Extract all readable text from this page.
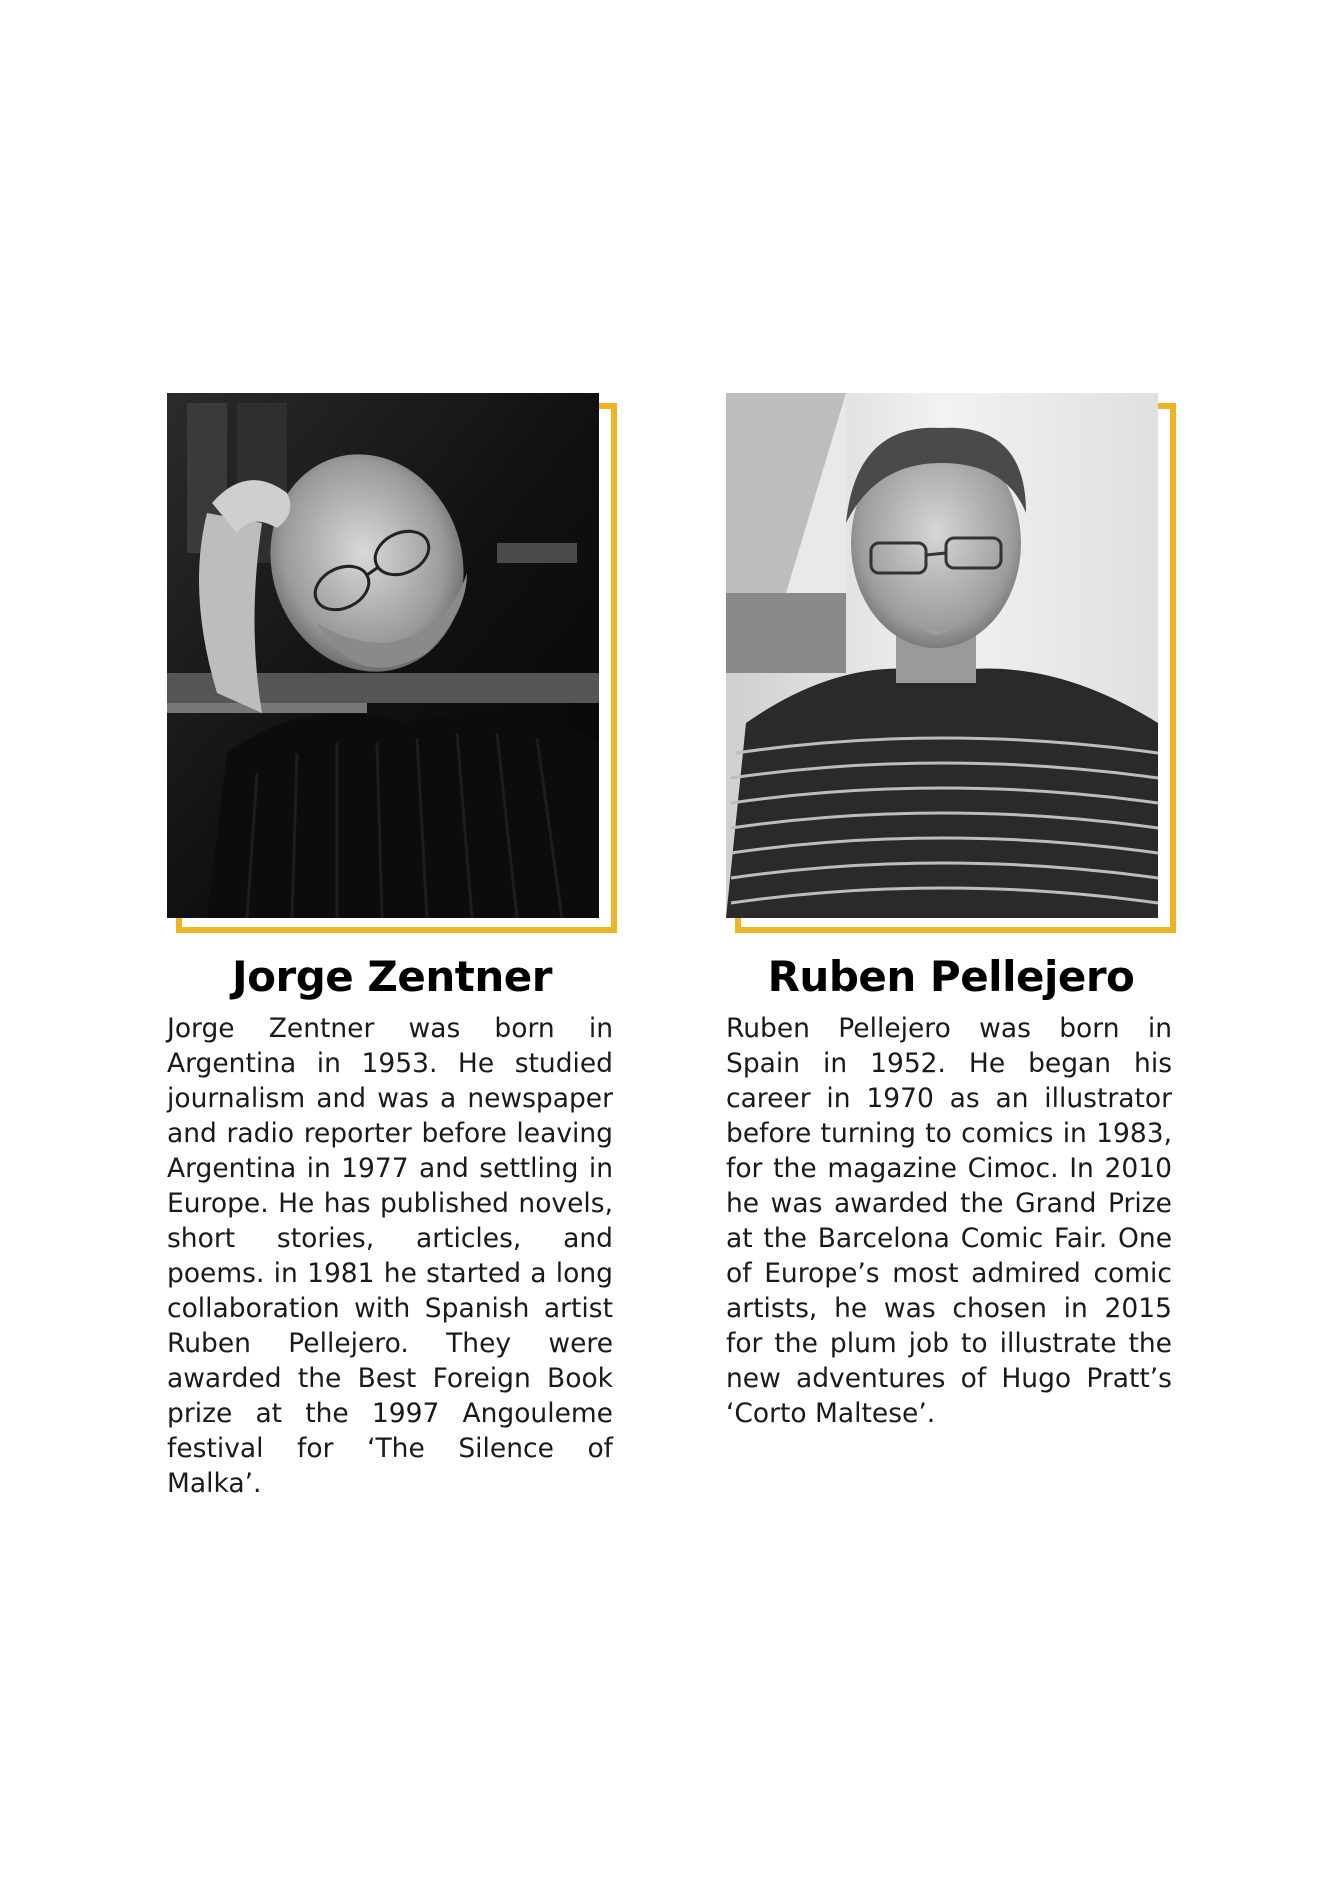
Jorge Zentner

Jorge Zentner was born in Argentina in 1953. He studied journalism and was a newspaper and radio reporter before leaving Argentina in 1977 and settling in Europe. He has published novels, short stories, articles, and poems. in 1981 he started a long collaboration with Spanish artist Ruben Pellejero. They were awarded the Best Foreign Book prize at the 1997 Angouleme festival for ‘The Silence of Malka’.

Ruben Pellejero

Ruben Pellejero was born in Spain in 1952. He began his career in 1970 as an illustrator before turning to comics in 1983, for the magazine Cimoc. In 2010 he was awarded the Grand Prize at the Barcelona Comic Fair. One of Europe’s most admired comic artists, he was chosen in 2015 for the plum job to illustrate the new adventures of Hugo Pratt’s ‘Corto Maltese’.
